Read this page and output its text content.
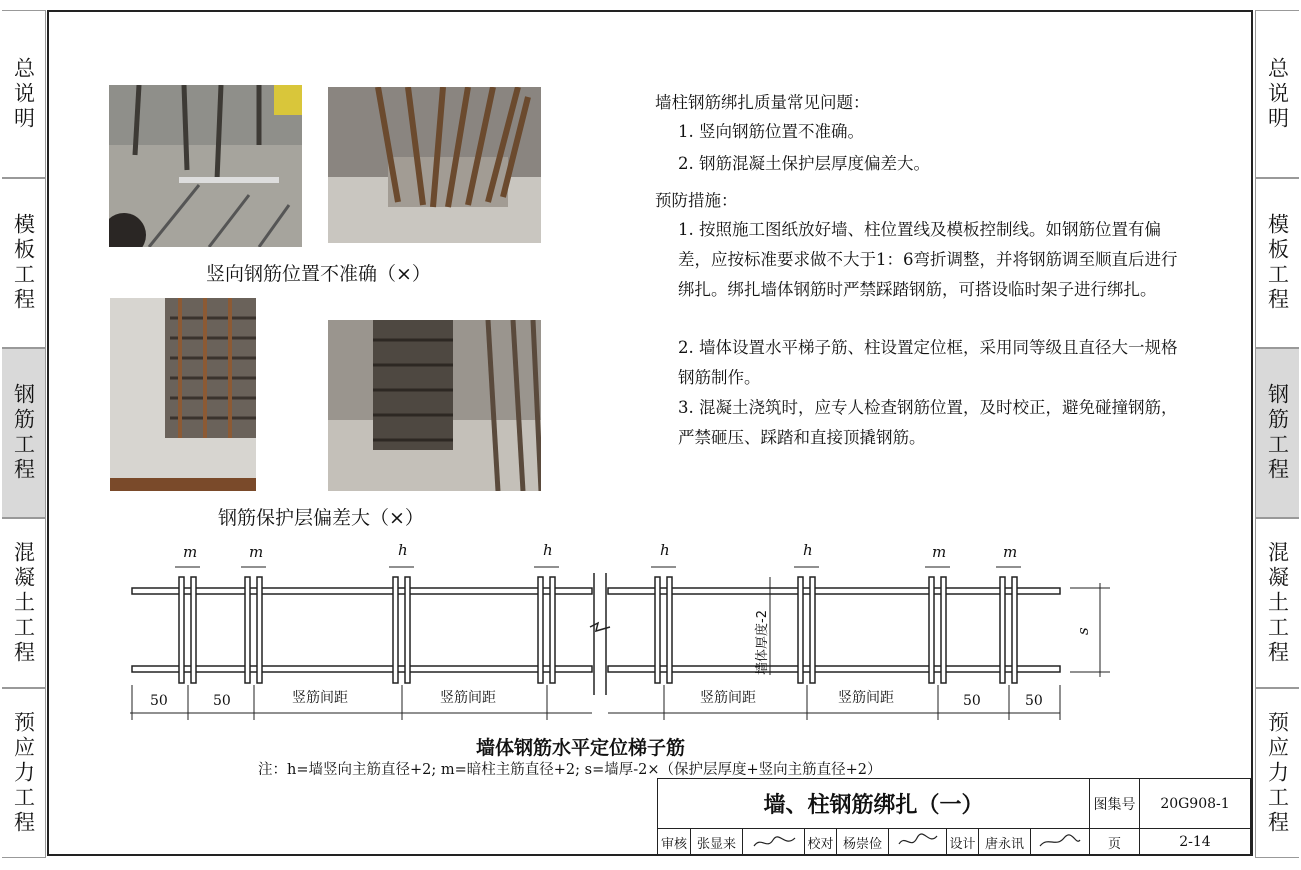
总说明
模板工程
钢筋工程
混凝土工程
预应力工程
总说明
模板工程
钢筋工程
混凝土工程
预应力工程
竖向钢筋位置不准确（×）
钢筋保护层偏差大（×）
墙柱钢筋绑扎质量常见问题：
1. 竖向钢筋位置不准确。
2. 钢筋混凝土保护层厚度偏差大。
预防措施：
1. 按照施工图纸放好墙、柱位置线及模板控制线。如钢筋位置有偏差，应按标准要求做不大于1：6弯折调整，并将钢筋调至顺直后进行绑扎。绑扎墙体钢筋时严禁踩踏钢筋，可搭设临时架子进行绑扎。
2. 墙体设置水平梯子筋、柱设置定位框，采用同等级且直径大一规格钢筋制作。
3. 混凝土浇筑时，应专人检查钢筋位置，及时校正，避免碰撞钢筋，严禁砸压、踩踏和直接顶撬钢筋。
m	m	h	h	h	h	m	m
s
50	50	竖筋间距	竖筋间距	竖筋间距	竖筋间距	50	50
墙体厚度-2
墙体钢筋水平定位梯子筋
注：h=墙竖向主筋直径+2; m=暗柱主筋直径+2; s=墙厚-2×（保护层厚度+竖向主筋直径+2）
墙、柱钢筋绑扎（一）	图集号	20G908-1
审核 张显来	校对 杨崇俭	设计 唐永讯	页	2-14
